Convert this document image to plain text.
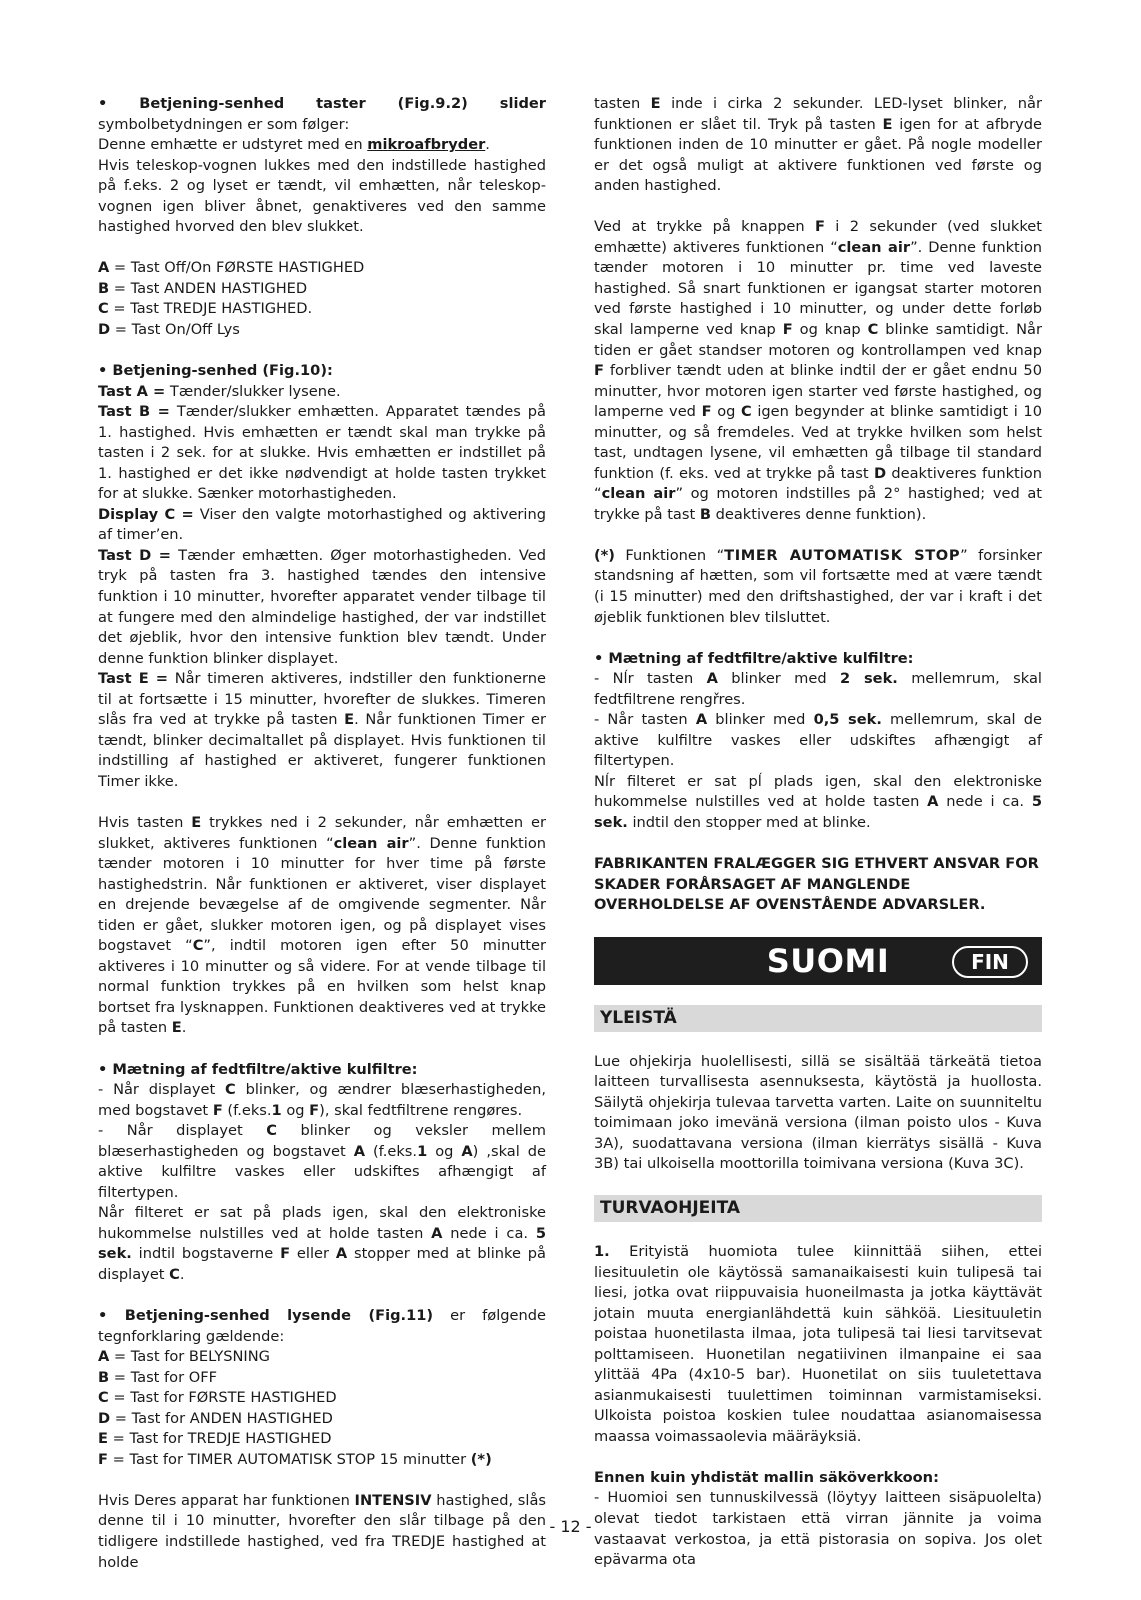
• Betjening-senhed taster (Fig.9.2) slider symbolbetydningen er som følger:

Denne emhætte er udstyret med en mikroafbryder.

Hvis teleskop-vognen lukkes med den indstillede hastighed på f.eks. 2 og lyset er tændt, vil emhætten, når teleskop-vognen igen bliver åbnet, genaktiveres ved den samme hastighed hvorved den blev slukket.

A = Tast Off/On FØRSTE HASTIGHED
B = Tast ANDEN HASTIGHED
C = Tast TREDJE HASTIGHED.
D = Tast On/Off Lys

• Betjening-senhed (Fig.10):

Tast A = Tænder/slukker lysene.

Tast B = Tænder/slukker emhætten. Apparatet tændes på 1. hastighed. Hvis emhætten er tændt skal man trykke på tasten i 2 sek. for at slukke. Hvis emhætten er indstillet på 1. hastighed er det ikke nødvendigt at holde tasten trykket for at slukke. Sænker motorhastigheden.

Display C = Viser den valgte motorhastighed og aktivering af timer’en.

Tast D = Tænder emhætten. Øger motorhastigheden. Ved tryk på tasten fra 3. hastighed tændes den intensive funktion i 10 minutter, hvorefter apparatet vender tilbage til at fungere med den almindelige hastighed, der var indstillet det øjeblik, hvor den intensive funktion blev tændt. Under denne funktion blinker displayet.

Tast E = Når timeren aktiveres, indstiller den funktionerne til at fortsætte i 15 minutter, hvorefter de slukkes. Timeren slås fra ved at trykke på tasten E. Når funktionen Timer er tændt, blinker decimaltallet på displayet. Hvis funktionen til indstilling af hastighed er aktiveret, fungerer funktionen Timer ikke.

Hvis tasten E trykkes ned i 2 sekunder, når emhætten er slukket, aktiveres funktionen “clean air”. Denne funktion tænder motoren i 10 minutter for hver time på første hastighedstrin. Når funktionen er aktiveret, viser displayet en drejende bevægelse af de omgivende segmenter. Når tiden er gået, slukker motoren igen, og på displayet vises bogstavet “C”, indtil motoren igen efter 50 minutter aktiveres i 10 minutter og så videre. For at vende tilbage til normal funktion trykkes på en hvilken som helst knap bortset fra lysknappen. Funktionen deaktiveres ved at trykke på tasten E.

• Mætning af fedtfiltre/aktive kulfiltre:

- Når displayet C blinker, og ændrer blæserhastigheden, med bogstavet F (f.eks.1 og F), skal fedtfiltrene rengøres.

- Når displayet C blinker og veksler mellem blæserhastigheden og bogstavet A (f.eks.1 og A) ,skal de aktive kulfiltre vaskes eller udskiftes afhængigt af filtertypen.

Når filteret er sat på plads igen, skal den elektroniske hukommelse nulstilles ved at holde tasten A nede i ca. 5 sek. indtil bogstaverne F eller A stopper med at blinke på displayet C.

• Betjening-senhed lysende (Fig.11) er følgende tegnforklaring gældende:

A = Tast for BELYSNING
B = Tast for OFF
C = Tast for FØRSTE HASTIGHED
D = Tast for ANDEN HASTIGHED
E = Tast for TREDJE HASTIGHED
F = Tast for TIMER AUTOMATISK STOP 15 minutter (*)

Hvis Deres apparat har funktionen INTENSIV hastighed, slås denne til i 10 minutter, hvorefter den slår tilbage på den tidligere indstillede hastighed, ved fra TREDJE hastighed at holde

tasten E inde i cirka 2 sekunder. LED-lyset blinker, når funktionen er slået til. Tryk på tasten E igen for at afbryde funktionen inden de 10 minutter er gået. På nogle modeller er det også muligt at aktivere funktionen ved første og anden hastighed.

Ved at trykke på knappen F i 2 sekunder (ved slukket emhætte) aktiveres funktionen “clean air”. Denne funktion tænder motoren i 10 minutter pr. time ved laveste hastighed. Så snart funktionen er igangsat starter motoren ved første hastighed i 10 minutter, og under dette forløb skal lamperne ved knap F og knap C blinke samtidigt. Når tiden er gået standser motoren og kontrollampen ved knap F forbliver tændt uden at blinke indtil der er gået endnu 50 minutter, hvor motoren igen starter ved første hastighed, og lamperne ved F og C igen begynder at blinke samtidigt i 10 minutter, og så fremdeles. Ved at trykke hvilken som helst tast, undtagen lysene, vil emhætten gå tilbage til standard funktion (f. eks. ved at trykke på tast D deaktiveres funktion “clean air” og motoren indstilles på 2° hastighed; ved at trykke på tast B deaktiveres denne funktion).

(*) Funktionen “TIMER AUTOMATISK STOP” forsinker standsning af hætten, som vil fortsætte med at være tændt (i 15 minutter) med den driftshastighed, der var i kraft i det øjeblik funktionen blev tilsluttet.

• Mætning af fedtfiltre/aktive kulfiltre:

- Nĺr tasten A blinker med 2 sek. mellemrum, skal fedtfiltrene rengřres.

- Når tasten A blinker med 0,5 sek. mellemrum, skal de aktive kulfiltre vaskes eller udskiftes afhængigt af filtertypen.

Nĺr filteret er sat pĺ plads igen, skal den elektroniske hukommelse nulstilles ved at holde tasten A nede i ca. 5 sek. indtil den stopper med at blinke.

FABRIKANTEN FRALÆGGER SIG ETHVERT ANSVAR FOR SKADER FORÅRSAGET AF MANGLENDE OVERHOLDELSE AF OVENSTÅENDE ADVARSLER.

SUOMI	FIN
YLEISTÄ

Lue ohjekirja huolellisesti, sillä se sisältää tärkeätä tietoa laitteen turvallisesta asennuksesta, käytöstä ja huollosta. Säilytä ohjekirja tulevaa tarvetta varten. Laite on suunniteltu toimimaan joko imevänä versiona (ilman poisto ulos - Kuva 3A), suodattavana versiona (ilman kierrätys sisällä - Kuva 3B) tai ulkoisella moottorilla toimivana versiona (Kuva 3C).

TURVAOHJEITA

1. Erityistä huomiota tulee kiinnittää siihen, ettei liesituuletin ole käytössä samanaikaisesti kuin tulipesä tai liesi, jotka ovat riippuvaisia huoneilmasta ja jotka käyttävät jotain muuta energianlähdettä kuin sähköä. Liesituuletin poistaa huonetilasta ilmaa, jota tulipesä tai liesi tarvitsevat polttamiseen. Huonetilan negatiivinen ilmanpaine ei saa ylittää 4Pa (4x10-5 bar). Huonetilat on siis tuuletettava asianmukaisesti tuulettimen toiminnan varmistamiseksi. Ulkoista poistoa koskien tulee noudattaa asianomaisessa maassa voimassaolevia määräyksiä.

Ennen kuin yhdistät mallin säköverkkoon:

- Huomioi sen tunnuskilvessä (löytyy laitteen sisäpuolelta) olevat tiedot tarkistaen että virran jännite ja voima vastaavat verkostoa, ja että pistorasia on sopiva. Jos olet epävarma ota

- 12 -
